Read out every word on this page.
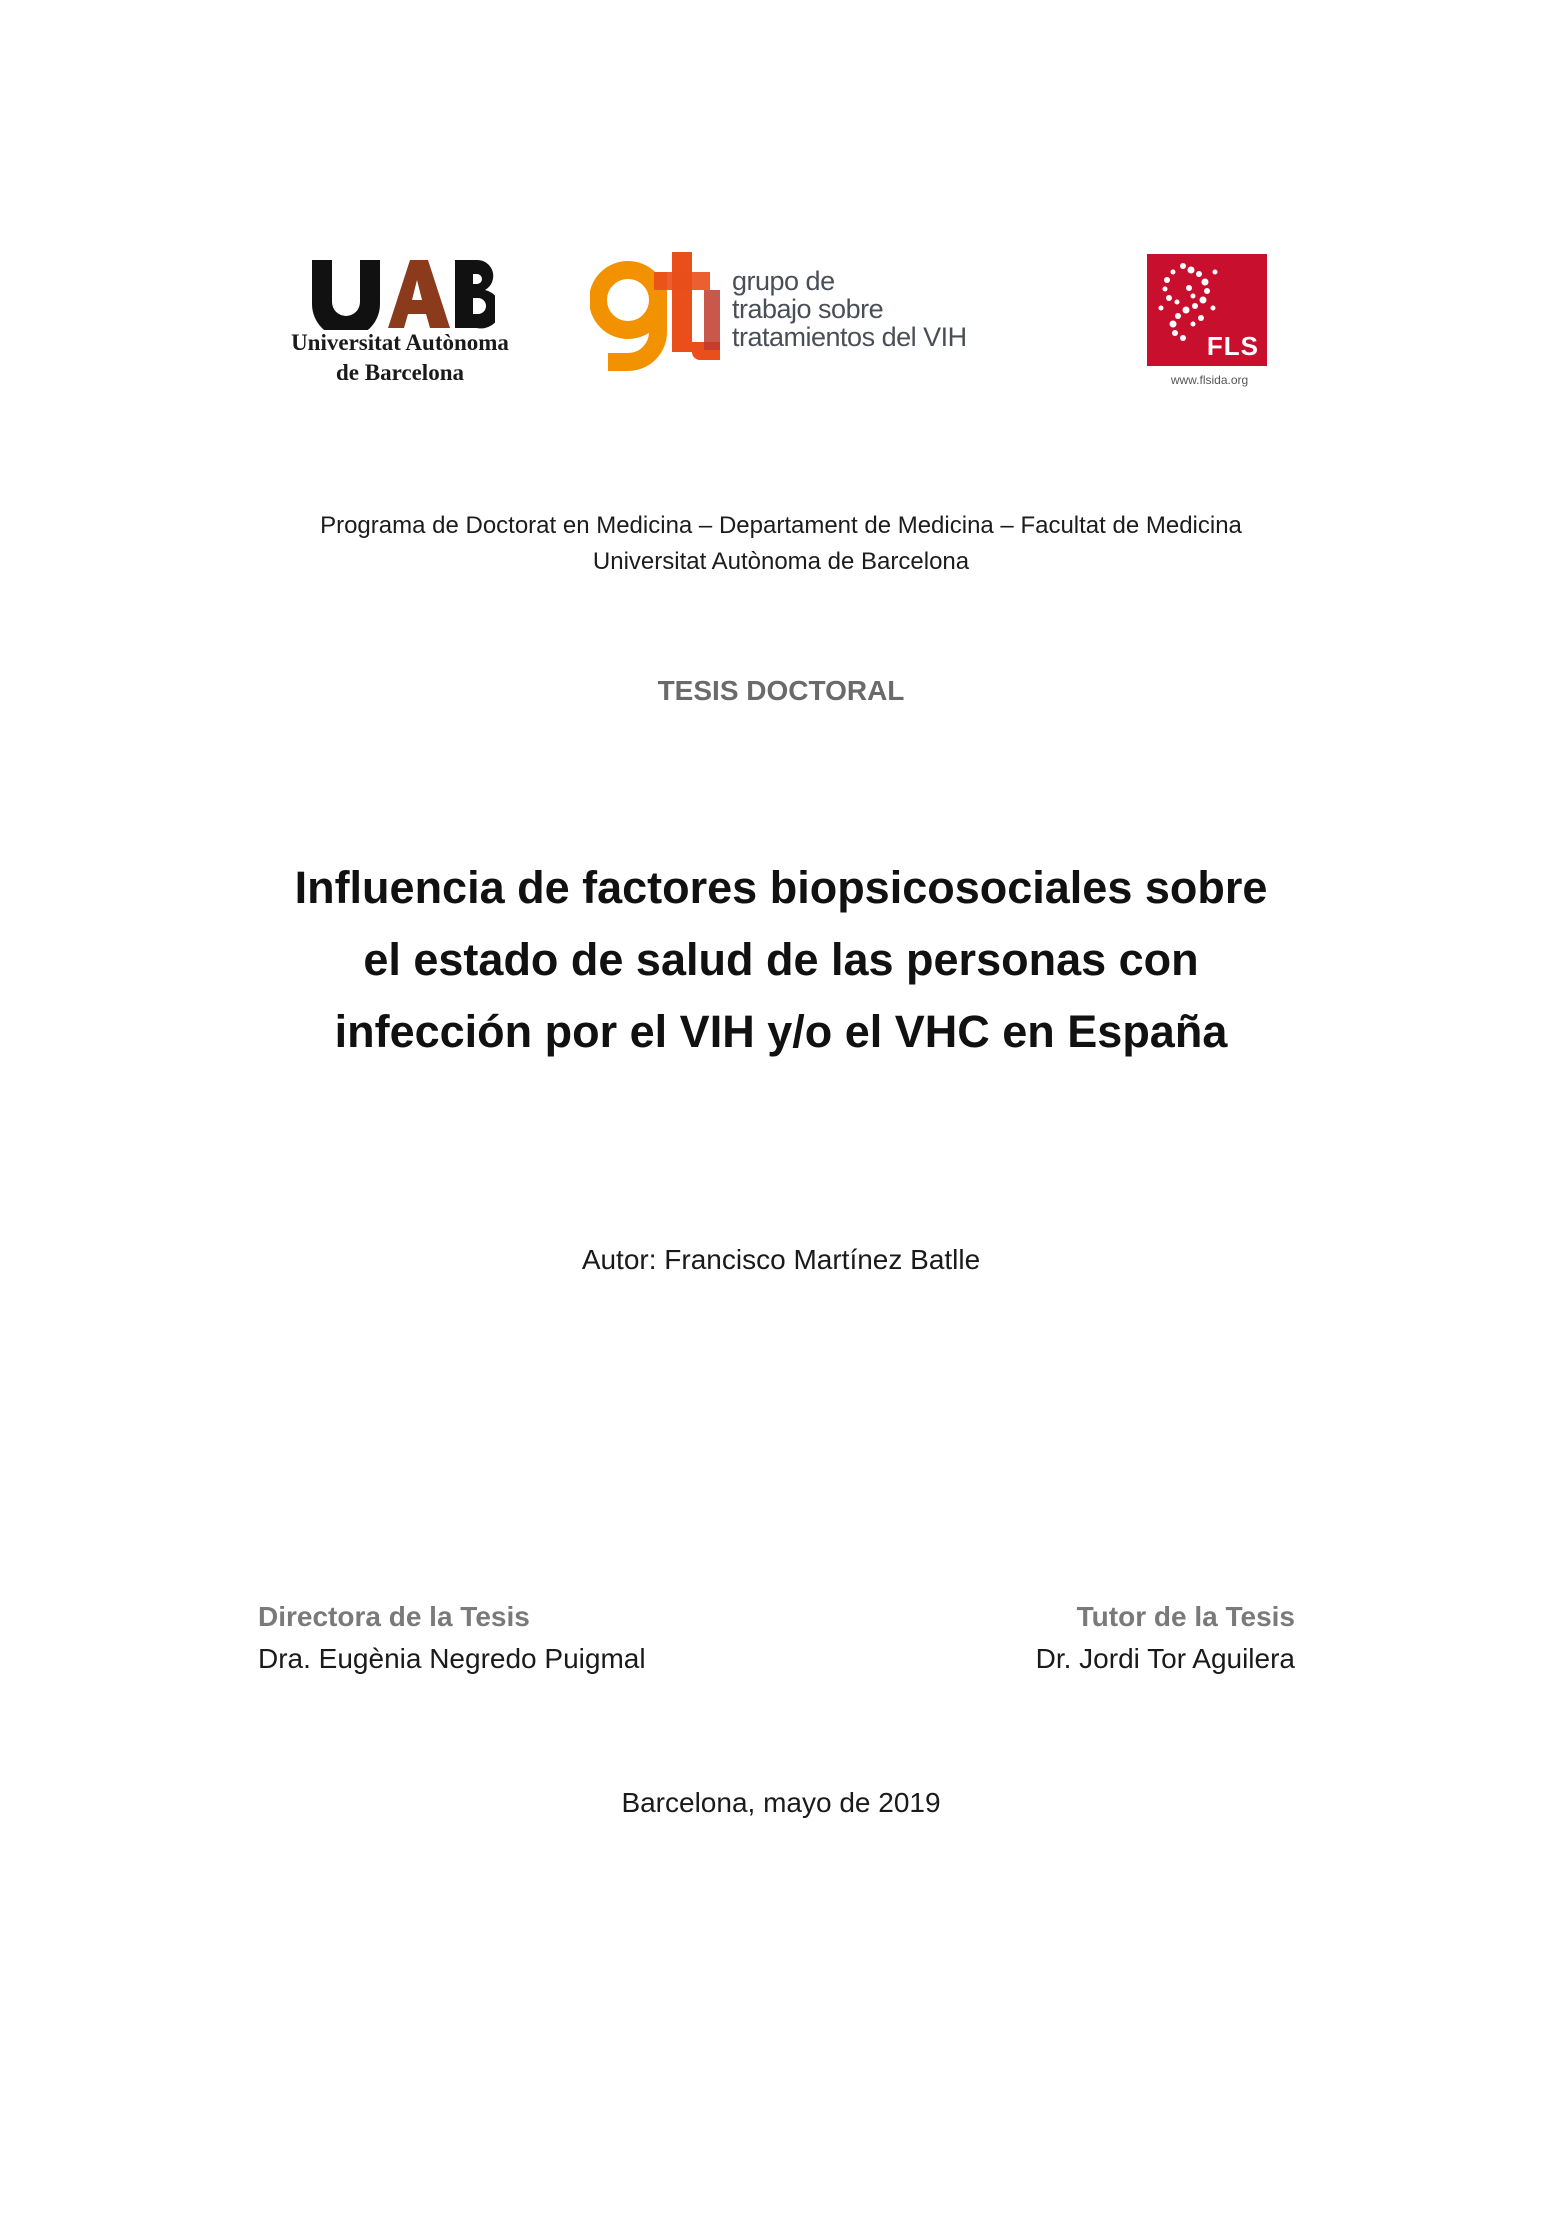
Universitat Autònoma
de Barcelona
grupo de
trabajo sobre
tratamientos del VIH	FLS
www.flsida.org
Programa de Doctorat en Medicina – Departament de Medicina – Facultat de Medicina
Universitat Autònoma de Barcelona
TESIS DOCTORAL
Influencia de factores biopsicosociales sobre
el estado de salud de las personas con
infección por el VIH y/o el VHC en España
Autor: Francisco Martínez Batlle
Directora de la Tesis
Dra. Eugènia Negredo Puigmal
Tutor de la Tesis
Dr. Jordi Tor Aguilera
Barcelona, mayo de 2019
